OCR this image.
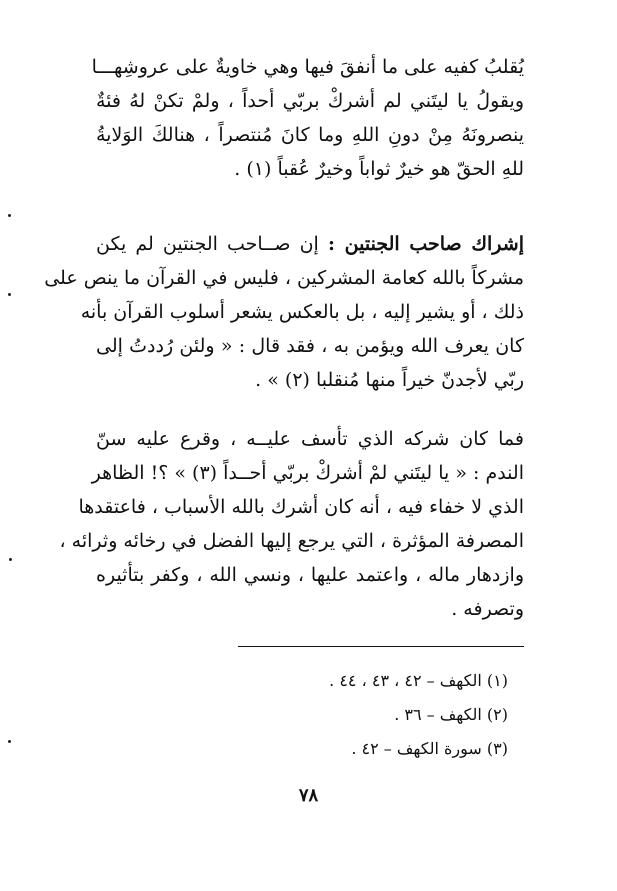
يُقلبُ كفيه على ما أنفقَ فيها وهي خاويةٌ على عروشِهـــا
ويقولُ يا ليتَني لم أشركْ بربّي أحداً ، ولمْ تكنْ لهُ فئةٌ
ينصرونَهُ مِنْ دونِ اللهِ وما كانَ مُنتصراً ، هنالكَ الوَلايةُ
للهِ الحقّ هو خيرٌ ثواباً وخيرٌ عُقباً (١) .
إشراك صاحب الجنتين : إن صــاحب الجنتين لم يكن
مشركاً بالله كعامة المشركين ، فليس في القرآن ما ينص على
ذلك ، أو يشير إليه ، بل بالعكس يشعر أسلوب القرآن بأنه
كان يعرف الله ويؤمن به ، فقد قال : « ولئن رُددتُ إلى
ربّي لأجدنّ خيراً منها مُنقلبا (٢) » .
فما كان شركه الذي تأسف عليــه ، وقرع عليه سنّ
الندم : « يا ليتَني لمْ أشركْ بربّي أحــداً (٣) » ؟! الظاهر
الذي لا خفاء فيه ، أنه كان أشرك بالله الأسباب ، فاعتقدها
المصرفة المؤثرة ، التي يرجع إليها الفضل في رخائه وثرائه ،
وازدهار ماله ، واعتمد عليها ، ونسي الله ، وكفر بتأثيره
وتصرفه .
(١) الكهف – ٤٢ ، ٤٣ ، ٤٤ .
(٢) الكهف – ٣٦ .
(٣) سورة الكهف – ٤٢ .
٧٨
